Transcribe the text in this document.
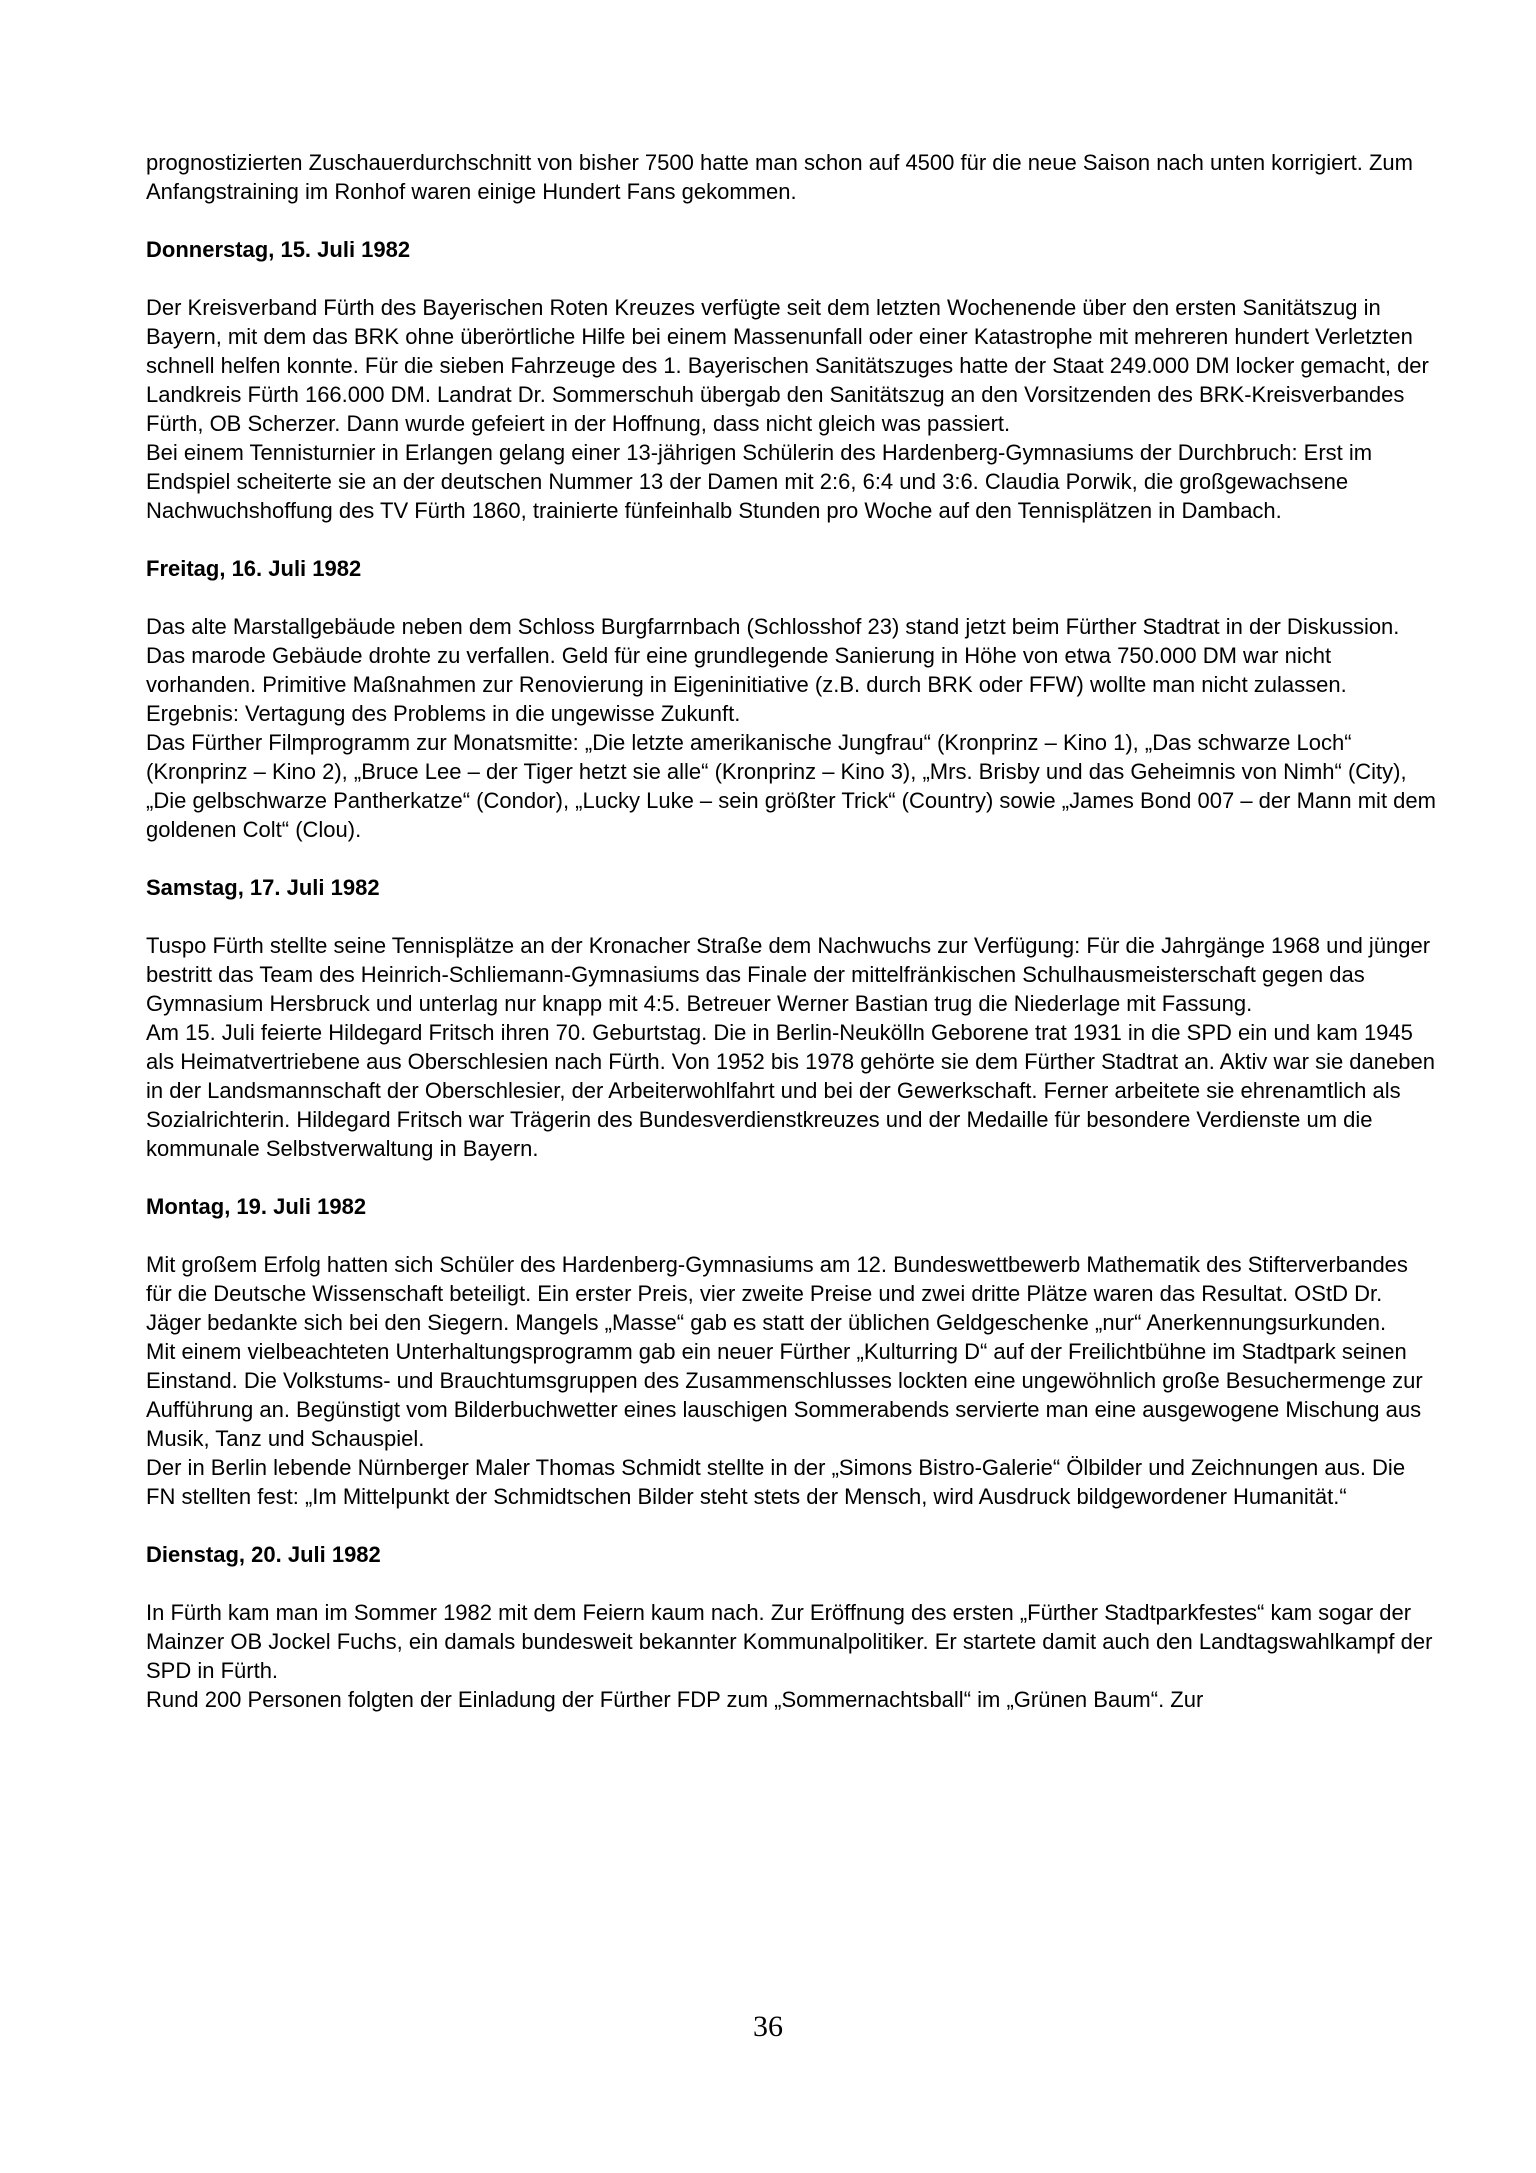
prognostizierten Zuschauerdurchschnitt von bisher 7500 hatte man schon auf 4500 für die neue Saison nach unten korrigiert. Zum Anfangstraining im Ronhof waren einige Hundert Fans gekommen.

Donnerstag, 15. Juli 1982

Der Kreisverband Fürth des Bayerischen Roten Kreuzes verfügte seit dem letzten Wochenende über den ersten Sanitätszug in Bayern, mit dem das BRK ohne überörtliche Hilfe bei einem Massenunfall oder einer Katastrophe mit mehreren hundert Verletzten schnell helfen konnte. Für die sieben Fahrzeuge des 1. Bayerischen Sanitätszuges hatte der Staat 249.000 DM locker gemacht, der Landkreis Fürth 166.000 DM. Landrat Dr. Sommerschuh übergab den Sanitätszug an den Vorsitzenden des BRK-Kreisverbandes Fürth, OB Scherzer. Dann wurde gefeiert in der Hoffnung, dass nicht gleich was passiert.

Bei einem Tennisturnier in Erlangen gelang einer 13-jährigen Schülerin des Hardenberg-Gymnasiums der Durchbruch: Erst im Endspiel scheiterte sie an der deutschen Nummer 13 der Damen mit 2:6, 6:4 und 3:6. Claudia Porwik, die großgewachsene Nachwuchshoffung des TV Fürth 1860, trainierte fünfeinhalb Stunden pro Woche auf den Tennisplätzen in Dambach.

Freitag, 16. Juli 1982

Das alte Marstallgebäude neben dem Schloss Burgfarrnbach (Schlosshof 23) stand jetzt beim Fürther Stadtrat in der Diskussion. Das marode Gebäude drohte zu verfallen. Geld für eine grundlegende Sanierung in Höhe von etwa 750.000 DM war nicht vorhanden. Primitive Maßnahmen zur Renovierung in Eigeninitiative (z.B. durch BRK oder FFW) wollte man nicht zulassen. Ergebnis: Vertagung des Problems in die ungewisse Zukunft.

Das Fürther Filmprogramm zur Monatsmitte: „Die letzte amerikanische Jungfrau“ (Kronprinz – Kino 1), „Das schwarze Loch“ (Kronprinz – Kino 2), „Bruce Lee – der Tiger hetzt sie alle“ (Kronprinz – Kino 3), „Mrs. Brisby und das Geheimnis von Nimh“ (City), „Die gelbschwarze Pantherkatze“ (Condor), „Lucky Luke – sein größter Trick“ (Country) sowie „James Bond 007 – der Mann mit dem goldenen Colt“ (Clou).

Samstag, 17. Juli 1982

Tuspo Fürth stellte seine Tennisplätze an der Kronacher Straße dem Nachwuchs zur Verfügung: Für die Jahrgänge 1968 und jünger bestritt das Team des Heinrich-Schliemann-Gymnasiums das Finale der mittelfränkischen Schulhausmeisterschaft gegen das Gymnasium Hersbruck und unterlag nur knapp mit 4:5. Betreuer Werner Bastian trug die Niederlage mit Fassung.

Am 15. Juli feierte Hildegard Fritsch ihren 70. Geburtstag. Die in Berlin-Neukölln Geborene trat 1931 in die SPD ein und kam 1945 als Heimatvertriebene aus Oberschlesien nach Fürth. Von 1952 bis 1978 gehörte sie dem Fürther Stadtrat an. Aktiv war sie daneben in der Landsmannschaft der Oberschlesier, der Arbeiterwohlfahrt und bei der Gewerkschaft. Ferner arbeitete sie ehrenamtlich als Sozialrichterin. Hildegard Fritsch war Trägerin des Bundesverdienstkreuzes und der Medaille für besondere Verdienste um die kommunale Selbstverwaltung in Bayern.

Montag, 19. Juli 1982

Mit großem Erfolg hatten sich Schüler des Hardenberg-Gymnasiums am 12. Bundeswettbewerb Mathematik des Stifterverbandes für die Deutsche Wissenschaft beteiligt. Ein erster Preis, vier zweite Preise und zwei dritte Plätze waren das Resultat. OStD Dr. Jäger bedankte sich bei den Siegern. Mangels „Masse“ gab es statt der üblichen Geldgeschenke „nur“ Anerkennungsurkunden.

Mit einem vielbeachteten Unterhaltungsprogramm gab ein neuer Fürther „Kulturring D“ auf der Freilichtbühne im Stadtpark seinen Einstand. Die Volkstums- und Brauchtumsgruppen des Zusammenschlusses lockten eine ungewöhnlich große Besuchermenge zur Aufführung an. Begünstigt vom Bilderbuchwetter eines lauschigen Sommerabends servierte man eine ausgewogene Mischung aus Musik, Tanz und Schauspiel.

Der in Berlin lebende Nürnberger Maler Thomas Schmidt stellte in der „Simons Bistro-Galerie“ Ölbilder und Zeichnungen aus. Die FN stellten fest: „Im Mittelpunkt der Schmidtschen Bilder steht stets der Mensch, wird Ausdruck bildgewordener Humanität.“

Dienstag, 20. Juli 1982

In Fürth kam man im Sommer 1982 mit dem Feiern kaum nach. Zur Eröffnung des ersten „Fürther Stadtparkfestes“ kam sogar der Mainzer OB Jockel Fuchs, ein damals bundesweit bekannter Kommunalpolitiker. Er startete damit auch den Landtagswahlkampf der SPD in Fürth.

Rund 200 Personen folgten der Einladung der Fürther FDP zum „Sommernachtsball“ im „Grünen Baum“. Zur

36
